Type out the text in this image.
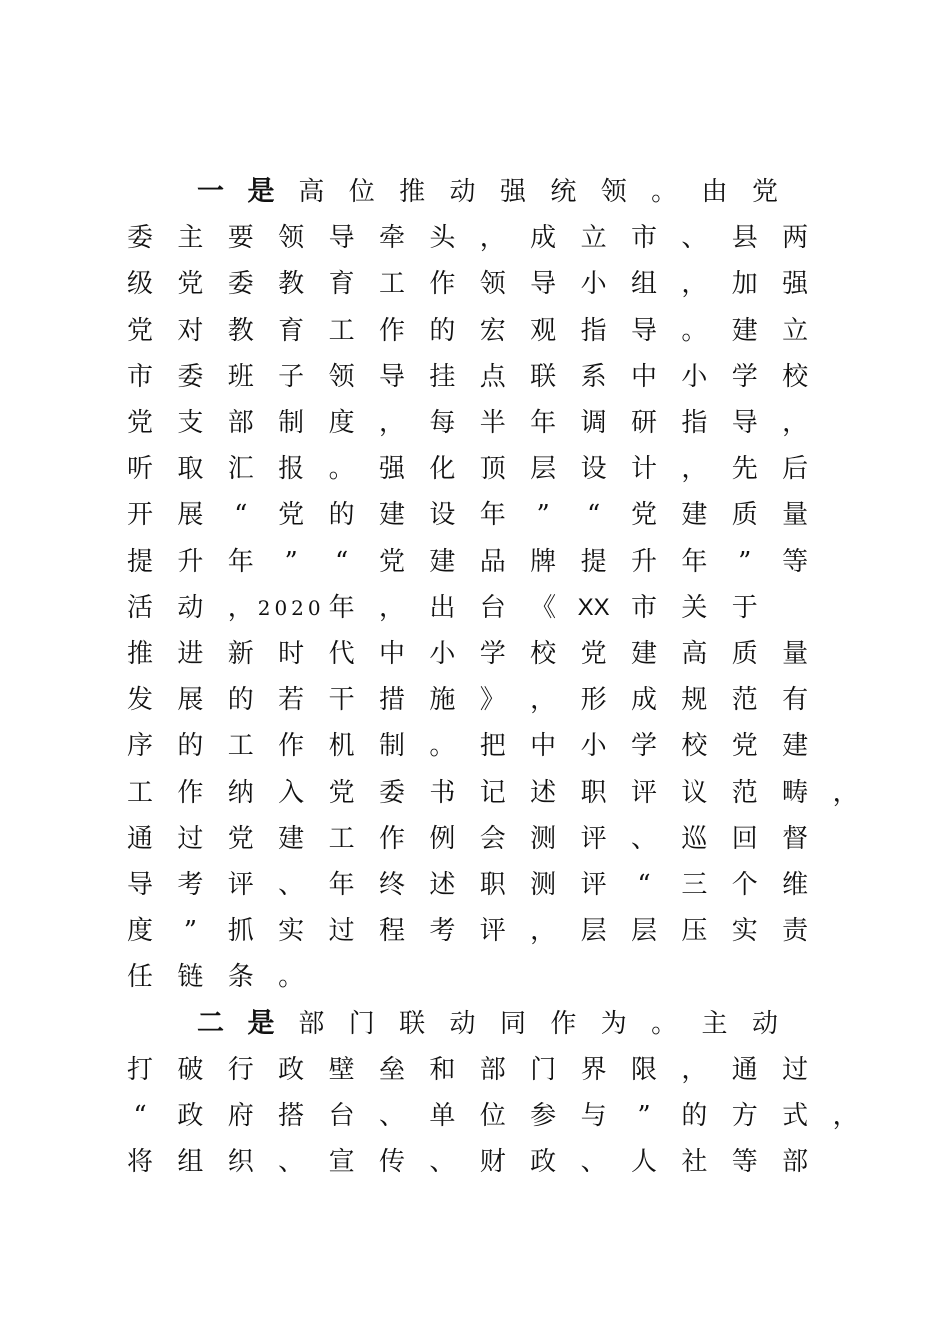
一 是 高 位 推 动 强 统 领 。 由 党
委 主 要 领 导 牵 头 ， 成 立 市 、 县 两
级 党 委 教 育 工 作 领 导 小 组 ， 加 强
党 对 教 育 工 作 的 宏 观 指 导 。 建 立
市 委 班 子 领 导 挂 点 联 系 中 小 学 校
党 支 部 制 度 ， 每 半 年 调 研 指 导 ，
听 取 汇 报 。 强 化 顶 层 设 计 ， 先 后
开 展	“	党 的 建 设 年	”	“	党 建 质 量
提 升 年	”	“	党 建 品 牌 提 升 年	”	等
活 动 ， 2020 年 ， 出 台 《 XX 市 关 于
推 进 新 时 代 中 小 学 校 党 建 高 质 量
发 展 的 若 干 措 施 》 ， 形 成 规 范 有
序 的 工 作 机 制 。 把 中 小 学 校 党 建
工 作 纳 入 党 委 书 记 述 职 评 议 范 畴 ，
通 过 党 建 工 作 例 会 测 评 、 巡 回 督
导 考 评 、 年 终 述 职 测 评	“	三 个 维
度	”	抓 实 过 程 考 评 ， 层 层 压 实 责
任 链 条 。
二 是 部 门 联 动 同 作 为 。 主 动
打 破 行 政 壁 垒 和 部 门 界 限 ， 通 过
“	政 府 搭 台 、 单 位 参 与	”	的 方 式 ，
将 组 织 、 宣 传 、 财 政 、 人 社 等 部
